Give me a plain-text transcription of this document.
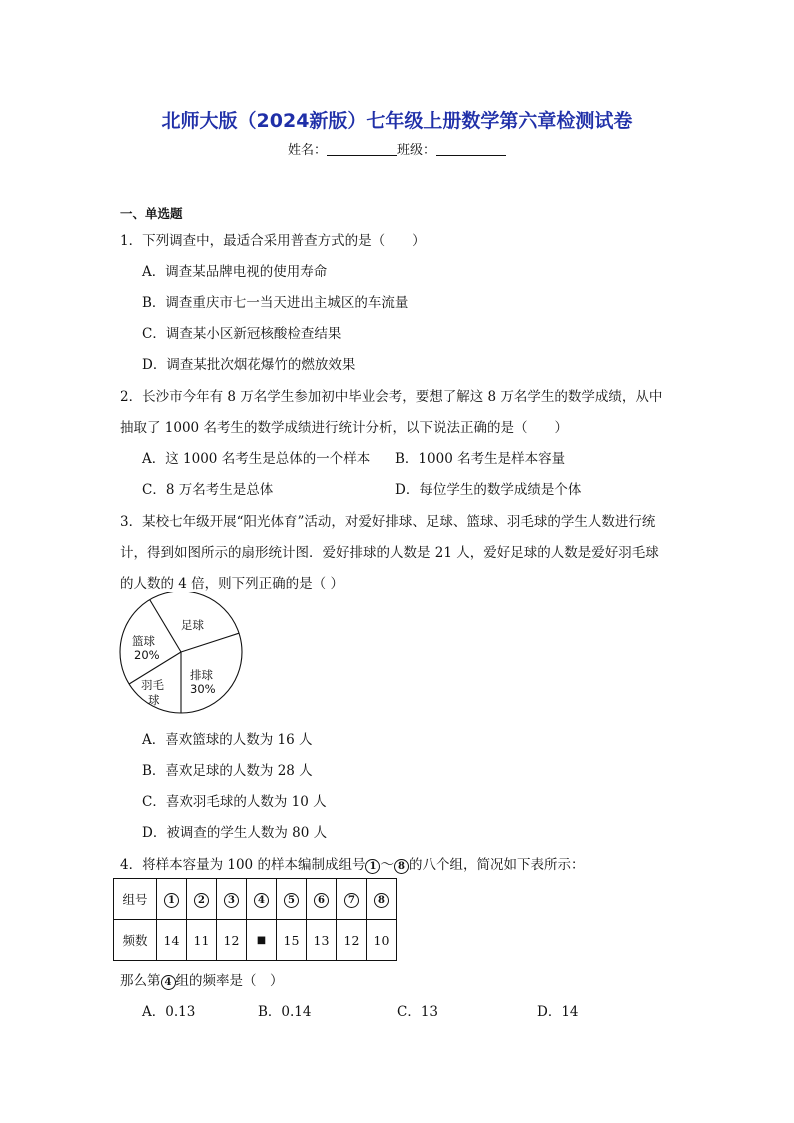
北师大版（2024新版）七年级上册数学第六章检测试卷
姓名：	班级：
一、单选题
1．下列调查中，最适合采用普查方式的是（　　）
A．调查某品牌电视的使用寿命
B．调查重庆市七一当天进出主城区的车流量
C．调查某小区新冠核酸检查结果
D．调查某批次烟花爆竹的燃放效果
2．长沙市今年有 8 万名学生参加初中毕业会考，要想了解这 8 万名学生的数学成绩，从中
抽取了 1000 名考生的数学成绩进行统计分析，以下说法正确的是（　　）
A．这 1000 名考生是总体的一个样本 B．1000 名考生是样本容量
C．8 万名考生是总体	D．每位学生的数学成绩是个体
3．某校七年级开展“阳光体育”活动，对爱好排球、足球、篮球、羽毛球的学生人数进行统
计，得到如图所示的扇形统计图．爱好排球的人数是 21 人，爱好足球的人数是爱好羽毛球
的人数的 4 倍，则下列正确的是（ ）
足球
篮球
20%
排球
30%
羽毛
球
A．喜欢篮球的人数为 16 人
B．喜欢足球的人数为 28 人
C．喜欢羽毛球的人数为 10 人
D．被调查的学生人数为 80 人
4．将样本容量为 100 的样本编制成组号 1 ～ 8 的八个组，简况如下表所示：
组号	1	2	3	4	5	6	7	8
频数	14	11	12	■	15	13	12	10
那么第 4 组的频率是（　）
A．0.13	B．0.14	C．13	D．14
